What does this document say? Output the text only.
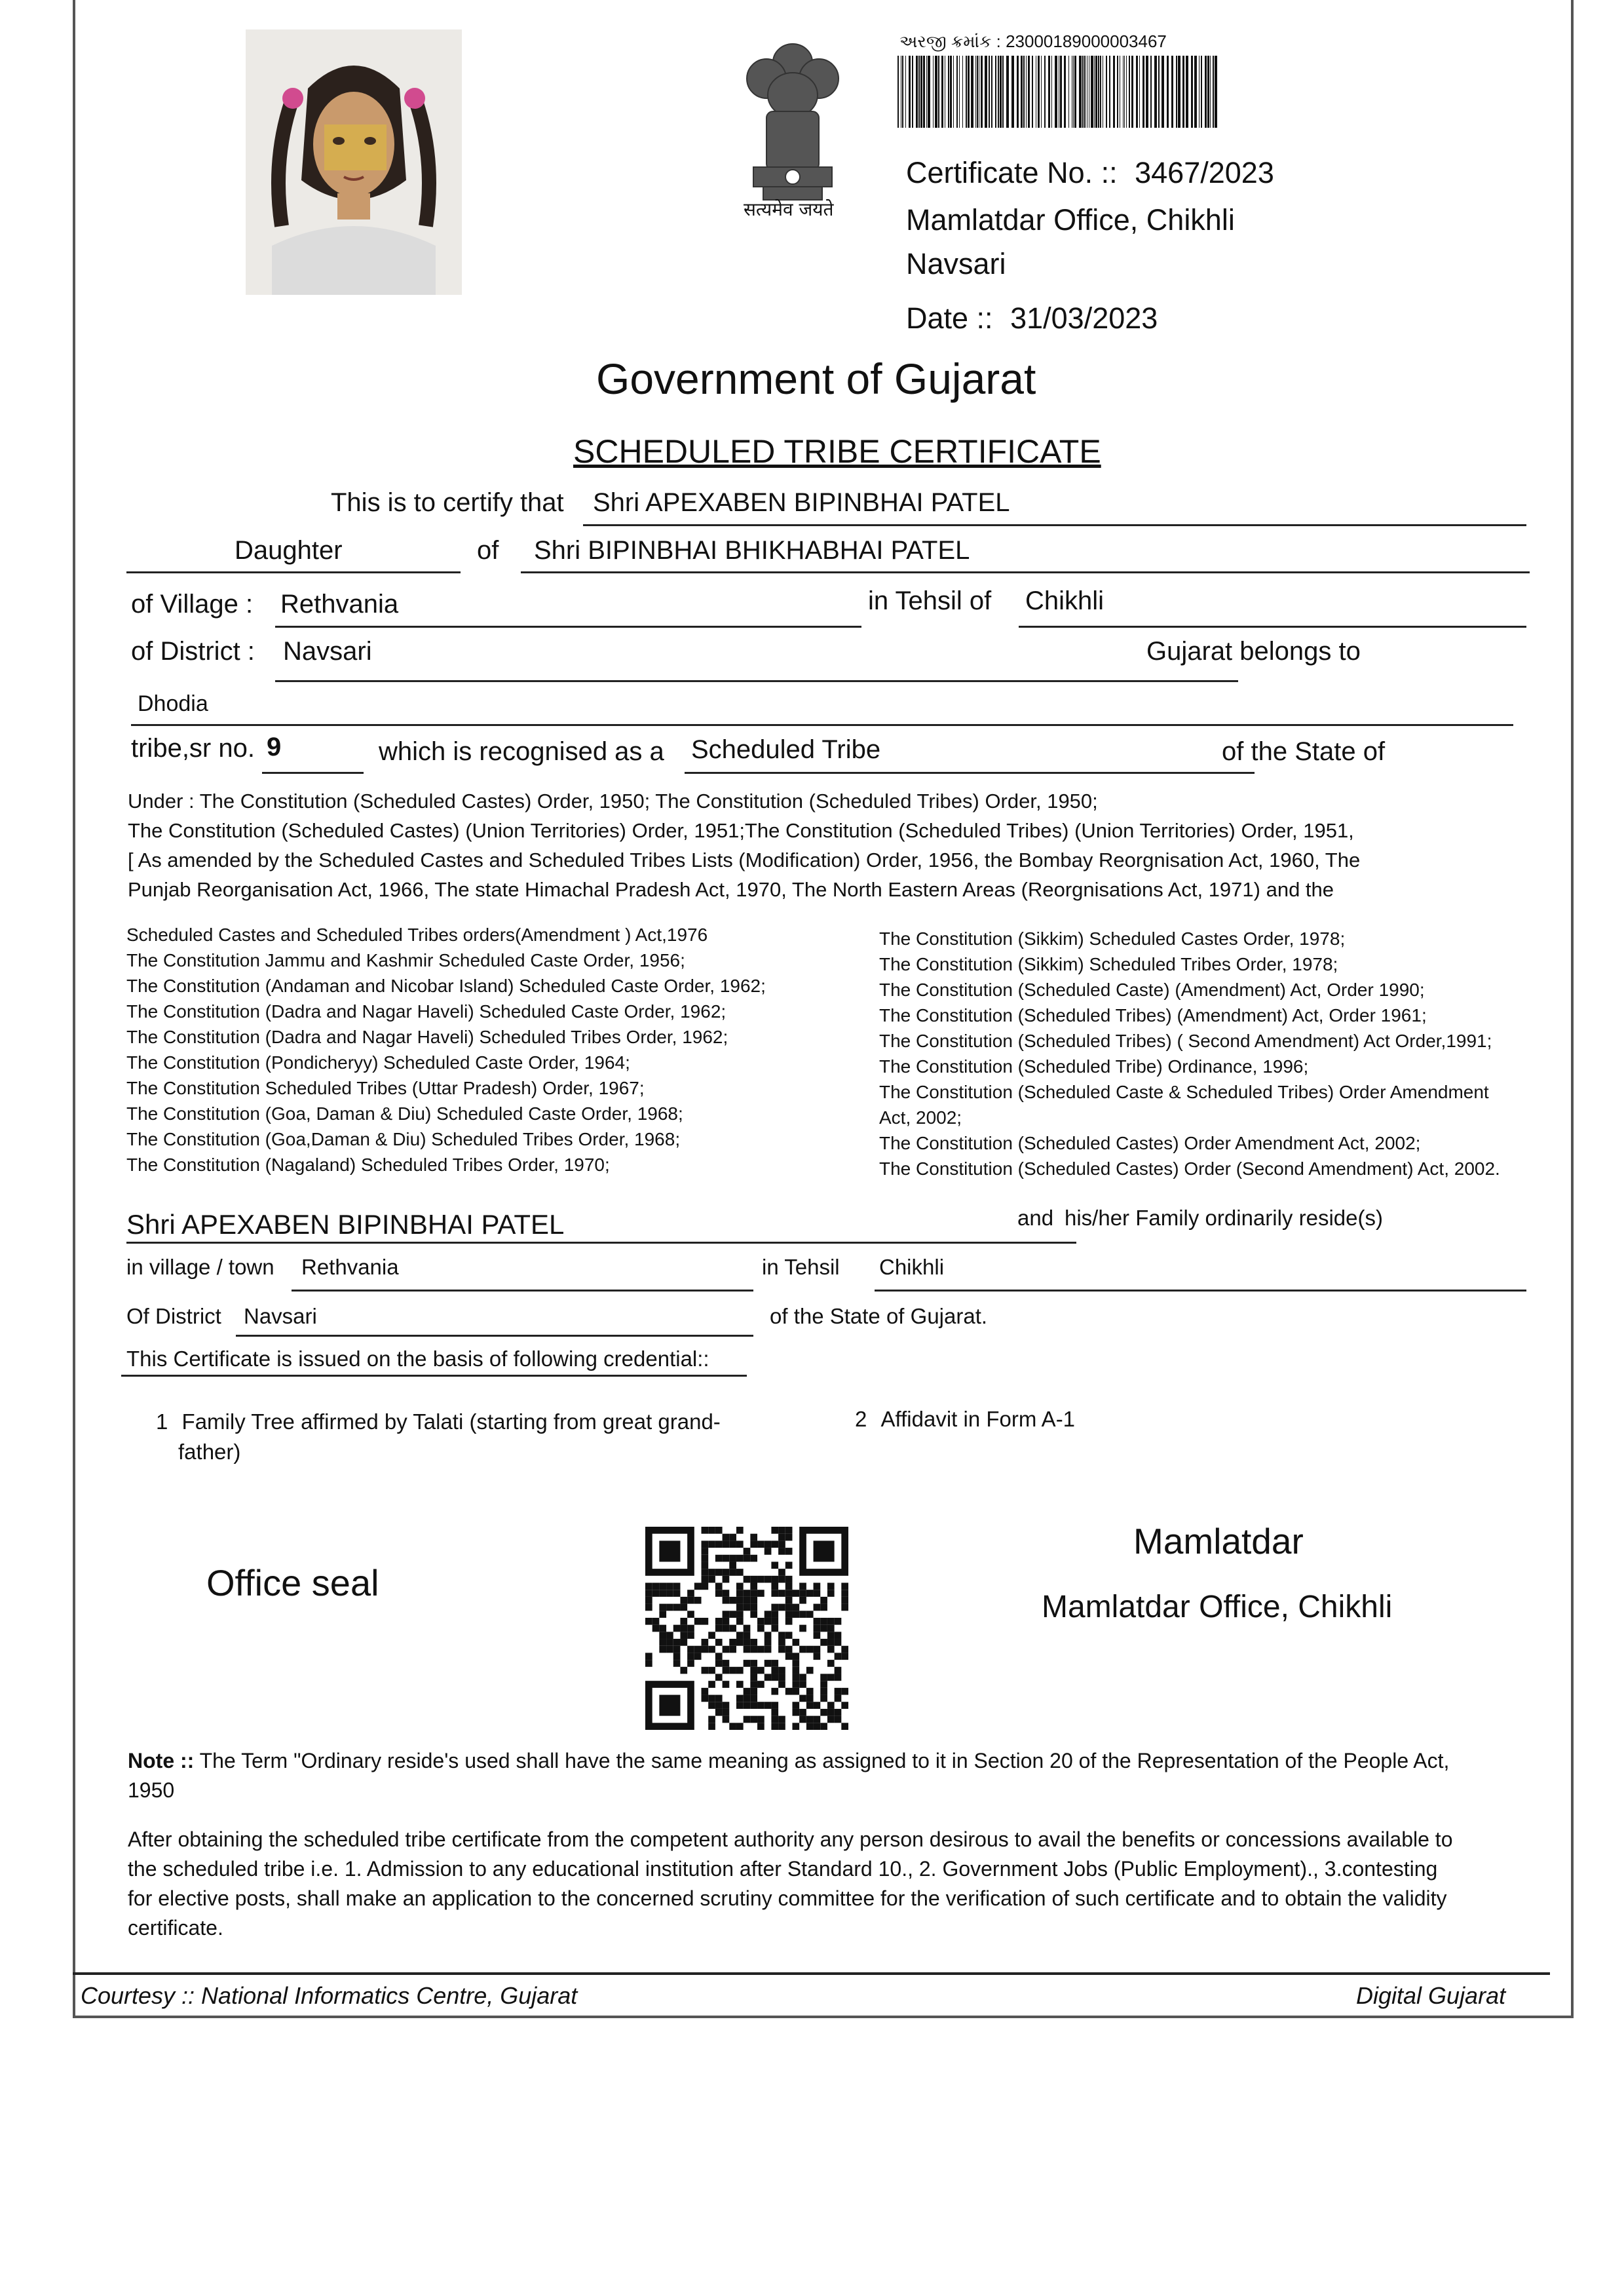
सत्यमेव जयते
અરજી ક્રમાંક : 23000189000003467
Certificate No. :: 3467/2023
Mamlatdar Office, Chikhli
Navsari
Date :: 31/03/2023
Government of Gujarat
SCHEDULED TRIBE CERTIFICATE
This is to certify that Shri APEXABEN BIPINBHAI PATEL
Daughter	of Shri BIPINBHAI BHIKHABHAI PATEL
of Village : Rethvania	in Tehsil of Chikhli
of District : Navsari	Gujarat belongs to
Dhodia
tribe,sr no. 9	which is recognised as a Scheduled Tribe	of the State of
Under : The Constitution (Scheduled Castes) Order, 1950; The Constitution (Scheduled Tribes) Order, 1950;
The Constitution (Scheduled Castes) (Union Territories) Order, 1951;The Constitution (Scheduled Tribes) (Union Territories) Order, 1951,
[ As amended by the Scheduled Castes and Scheduled Tribes Lists (Modification) Order, 1956, the Bombay Reorgnisation Act, 1960, The
Punjab Reorganisation Act, 1966, The state Himachal Pradesh Act, 1970, The North Eastern Areas (Reorgnisations Act, 1971) and the
Scheduled Castes and Scheduled Tribes orders(Amendment ) Act,1976
The Constitution Jammu and Kashmir Scheduled Caste Order, 1956;
The Constitution (Andaman and Nicobar Island) Scheduled Caste Order, 1962;
The Constitution (Dadra and Nagar Haveli) Scheduled Caste Order, 1962;
The Constitution (Dadra and Nagar Haveli) Scheduled Tribes Order, 1962;
The Constitution (Pondicheryy) Scheduled Caste Order, 1964;
The Constitution Scheduled Tribes (Uttar Pradesh) Order, 1967;
The Constitution (Goa, Daman & Diu) Scheduled Caste Order, 1968;
The Constitution (Goa,Daman & Diu) Scheduled Tribes Order, 1968;
The Constitution (Nagaland) Scheduled Tribes Order, 1970;
The Constitution (Sikkim) Scheduled Castes Order, 1978;
The Constitution (Sikkim) Scheduled Tribes Order, 1978;
The Constitution (Scheduled Caste) (Amendment) Act, Order 1990;
The Constitution (Scheduled Tribes) (Amendment) Act, Order 1961;
The Constitution (Scheduled Tribes) ( Second Amendment) Act Order,1991;
The Constitution (Scheduled Tribe) Ordinance, 1996;
The Constitution (Scheduled Caste & Scheduled Tribes) Order Amendment
Act, 2002;
The Constitution (Scheduled Castes) Order Amendment Act, 2002;
The Constitution (Scheduled Castes) Order (Second Amendment) Act, 2002.
Shri APEXABEN BIPINBHAI PATEL	and his/her Family ordinarily reside(s)
in village / town Rethvania	in Tehsil Chikhli
Of District Navsari	of the State of Gujarat.
This Certificate is issued on the basis of following credential::
1 Family Tree affirmed by Talati (starting from great grand-
father)
2 Affidavit in Form A-1
Office seal
Mamlatdar
Mamlatdar Office, Chikhli
Note :: The Term "Ordinary reside's used shall have the same meaning as assigned to it in Section 20 of the Representation of the People Act,
1950
After obtaining the scheduled tribe certificate from the competent authority any person desirous to avail the benefits or concessions available to
the scheduled tribe i.e. 1. Admission to any educational institution after Standard 10., 2. Government Jobs (Public Employment)., 3.contesting
for elective posts, shall make an application to the concerned scrutiny committee for the verification of such certificate and to obtain the validity
certificate.
Courtesy :: National Informatics Centre, Gujarat	Digital Gujarat
